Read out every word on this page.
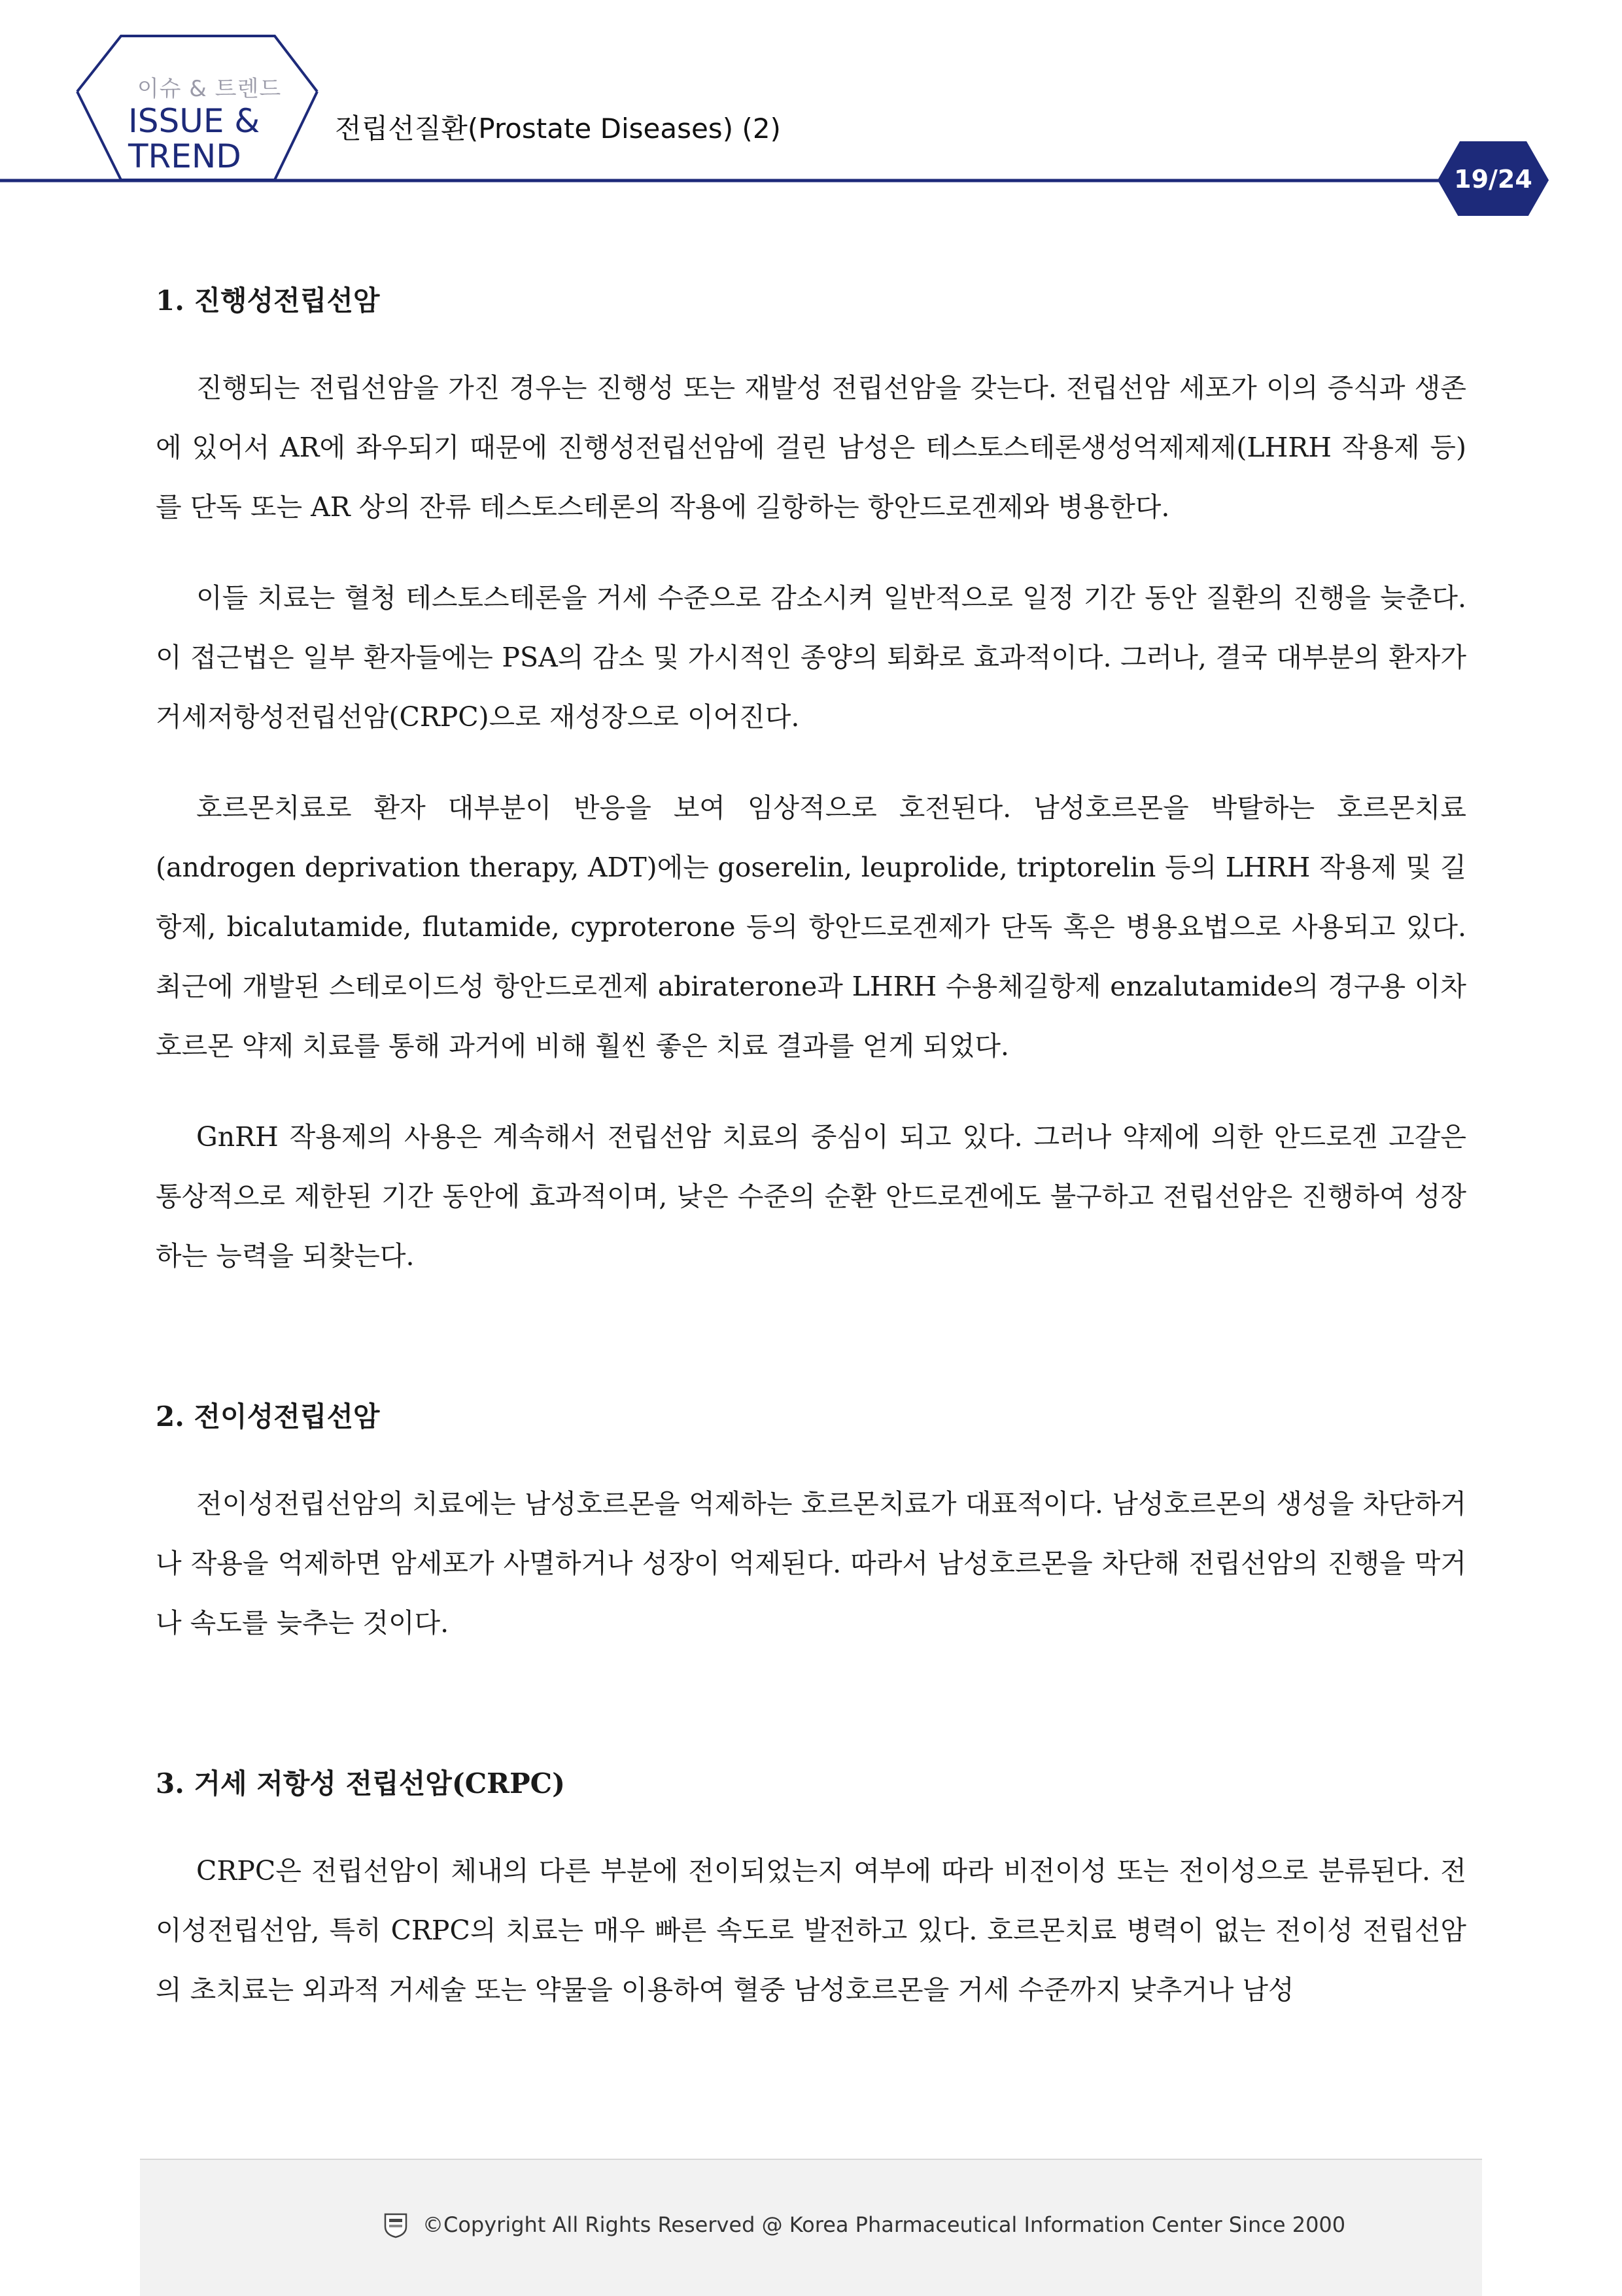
이슈 & 트렌드
ISSUE &
TREND
전립선질환(Prostate Diseases) (2)
19/24
1. 진행성전립선암

진행되는 전립선암을 가진 경우는 진행성 또는 재발성 전립선암을 갖는다. 전립선암 세포가 이의 증식과 생존에 있어서 AR에 좌우되기 때문에 진행성전립선암에 걸린 남성은 테스토스테론생성억제제제(LHRH 작용제 등)를 단독 또는 AR 상의 잔류 테스토스테론의 작용에 길항하는 항안드로겐제와 병용한다.

이들 치료는 혈청 테스토스테론을 거세 수준으로 감소시켜 일반적으로 일정 기간 동안 질환의 진행을 늦춘다. 이 접근법은 일부 환자들에는 PSA의 감소 및 가시적인 종양의 퇴화로 효과적이다. 그러나, 결국 대부분의 환자가 거세저항성전립선암(CRPC)으로 재성장으로 이어진다.

호르몬치료로 환자 대부분이 반응을 보여 임상적으로 호전된다. 남성호르몬을 박탈하는 호르몬치료(androgen deprivation therapy, ADT)에는 goserelin, leuprolide, triptorelin 등의 LHRH 작용제 및 길항제, bicalutamide, flutamide, cyproterone 등의 항안드로겐제가 단독 혹은 병용요법으로 사용되고 있다. 최근에 개발된 스테로이드성 항안드로겐제 abiraterone과 LHRH 수용체길항제 enzalutamide의 경구용 이차 호르몬 약제 치료를 통해 과거에 비해 훨씬 좋은 치료 결과를 얻게 되었다.

GnRH 작용제의 사용은 계속해서 전립선암 치료의 중심이 되고 있다. 그러나 약제에 의한 안드로겐 고갈은 통상적으로 제한된 기간 동안에 효과적이며, 낮은 수준의 순환 안드로겐에도 불구하고 전립선암은 진행하여 성장하는 능력을 되찾는다.

2. 전이성전립선암

전이성전립선암의 치료에는 남성호르몬을 억제하는 호르몬치료가 대표적이다. 남성호르몬의 생성을 차단하거나 작용을 억제하면 암세포가 사멸하거나 성장이 억제된다. 따라서 남성호르몬을 차단해 전립선암의 진행을 막거나 속도를 늦추는 것이다.

3. 거세 저항성 전립선암(CRPC)

CRPC은 전립선암이 체내의 다른 부분에 전이되었는지 여부에 따라 비전이성 또는 전이성으로 분류된다. 전이성전립선암, 특히 CRPC의 치료는 매우 빠른 속도로 발전하고 있다. 호르몬치료 병력이 없는 전이성 전립선암의 초치료는 외과적 거세술 또는 약물을 이용하여 혈중 남성호르몬을 거세 수준까지 낮추거나 남성

©Copyright All Rights Reserved @ Korea Pharmaceutical Information Center Since 2000
